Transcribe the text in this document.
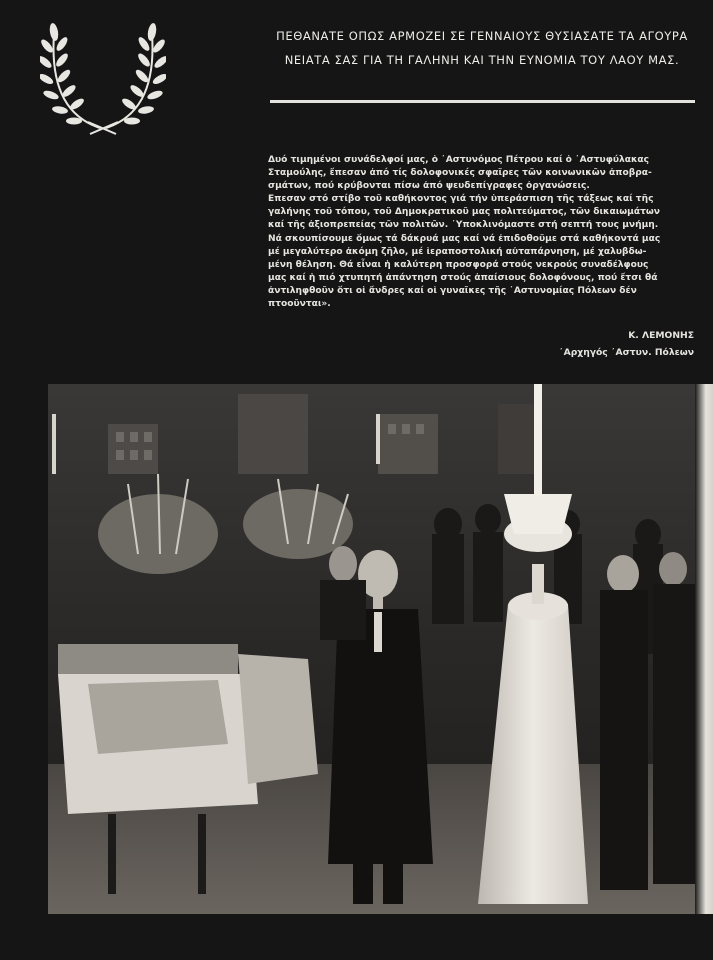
ΠΕΘΑΝΑΤΕ ΟΠΩΣ ΑΡΜΟΖΕΙ ΣΕ ΓΕΝΝΑΙΟΥΣ ΘΥΣΙΑΣΑΤΕ ΤΑ ΑΓΟΥΡΑ
ΝΕΙΑΤΑ ΣΑΣ ΓΙΑ ΤΗ ΓΑΛΗΝΗ ΚΑΙ ΤΗΝ ΕΥΝΟΜΙΑ ΤΟΥ ΛΑΟΥ ΜΑΣ.
Δυό τιμημένοι συνάδελφοί μας, ὁ ᾿Αστυνόμος Πέτρου καί ὁ ᾿Αστυφύλακας
Σταμούλης, ἔπεσαν ἀπό τίς δολοφονικές σφαῖρες τῶν κοινωνικῶν ἀποβρα-
σμάτων, πού κρύβονται πίσω ἀπό ψευδεπίγραφες ὀργανώσεις.
Επεσαν στό στίβο τοῦ καθήκοντος γιά τήν ὑπεράσπιση τῆς τάξεως καί τῆς
γαλήνης τοῦ τόπου, τοῦ Δημοκρατικοῦ μας πολιτεύματος, τῶν δικαιωμάτων
καί τῆς ἀξιοπρεπείας τῶν πολιτῶν. ᾿Υποκλινόμαστε στή σεπτή τους μνήμη.
Νά σκουπίσουμε ὅμως τά δάκρυά μας καί νά ἐπιδοθοῦμε στά καθήκοντά μας
μέ μεγαλύτερο ἀκόμη ζῆλο, μέ ἱεραποστολική αὐταπάρνηση, μέ χαλυβδω-
μένη θέληση. Θά εἶναι ἡ καλύτερη προσφορά στούς νεκρούς συναδέλφους
μας καί ἡ πιό χτυπητή ἀπάντηση στούς ἀπαίσιους δολοφόνους, πού ἔτσι θά
ἀντιληφθοῦν ὅτι οἱ ἄνδρες καί οἱ γυναῖκες τῆς ᾿Αστυνομίας Πόλεων δέν
πτοοῦνται».
Κ. ΛΕΜΟΝΗΣ
᾿Αρχηγός ᾿Αστυν. Πόλεων
